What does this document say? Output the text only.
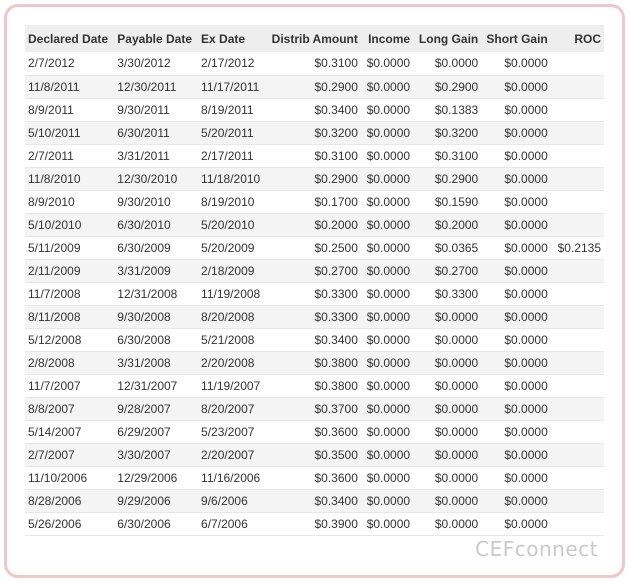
Declared Date	Payable Date	Ex Date	Distrib Amount	Income	Long Gain	Short Gain	ROC
2/7/2012	3/30/2012	2/17/2012	$0.3100	$0.0000	$0.0000	$0.0000	
11/8/2011	12/30/2011	11/17/2011	$0.2900	$0.0000	$0.2900	$0.0000	
8/9/2011	9/30/2011	8/19/2011	$0.3400	$0.0000	$0.1383	$0.0000	
5/10/2011	6/30/2011	5/20/2011	$0.3200	$0.0000	$0.3200	$0.0000	
2/7/2011	3/31/2011	2/17/2011	$0.3100	$0.0000	$0.3100	$0.0000	
11/8/2010	12/30/2010	11/18/2010	$0.2900	$0.0000	$0.2900	$0.0000	
8/9/2010	9/30/2010	8/19/2010	$0.1700	$0.0000	$0.1590	$0.0000	
5/10/2010	6/30/2010	5/20/2010	$0.2000	$0.0000	$0.2000	$0.0000	
5/11/2009	6/30/2009	5/20/2009	$0.2500	$0.0000	$0.0365	$0.0000	$0.2135
2/11/2009	3/31/2009	2/18/2009	$0.2700	$0.0000	$0.2700	$0.0000	
11/7/2008	12/31/2008	11/19/2008	$0.3300	$0.0000	$0.3300	$0.0000	
8/11/2008	9/30/2008	8/20/2008	$0.3300	$0.0000	$0.0000	$0.0000	
5/12/2008	6/30/2008	5/21/2008	$0.3400	$0.0000	$0.0000	$0.0000	
2/8/2008	3/31/2008	2/20/2008	$0.3800	$0.0000	$0.0000	$0.0000	
11/7/2007	12/31/2007	11/19/2007	$0.3800	$0.0000	$0.0000	$0.0000	
8/8/2007	9/28/2007	8/20/2007	$0.3700	$0.0000	$0.0000	$0.0000	
5/14/2007	6/29/2007	5/23/2007	$0.3600	$0.0000	$0.0000	$0.0000	
2/7/2007	3/30/2007	2/20/2007	$0.3500	$0.0000	$0.0000	$0.0000	
11/10/2006	12/29/2006	11/16/2006	$0.3600	$0.0000	$0.0000	$0.0000	
8/28/2006	9/29/2006	9/6/2006	$0.3400	$0.0000	$0.0000	$0.0000	
5/26/2006	6/30/2006	6/7/2006	$0.3900	$0.0000	$0.0000	$0.0000	
CEFconnect
